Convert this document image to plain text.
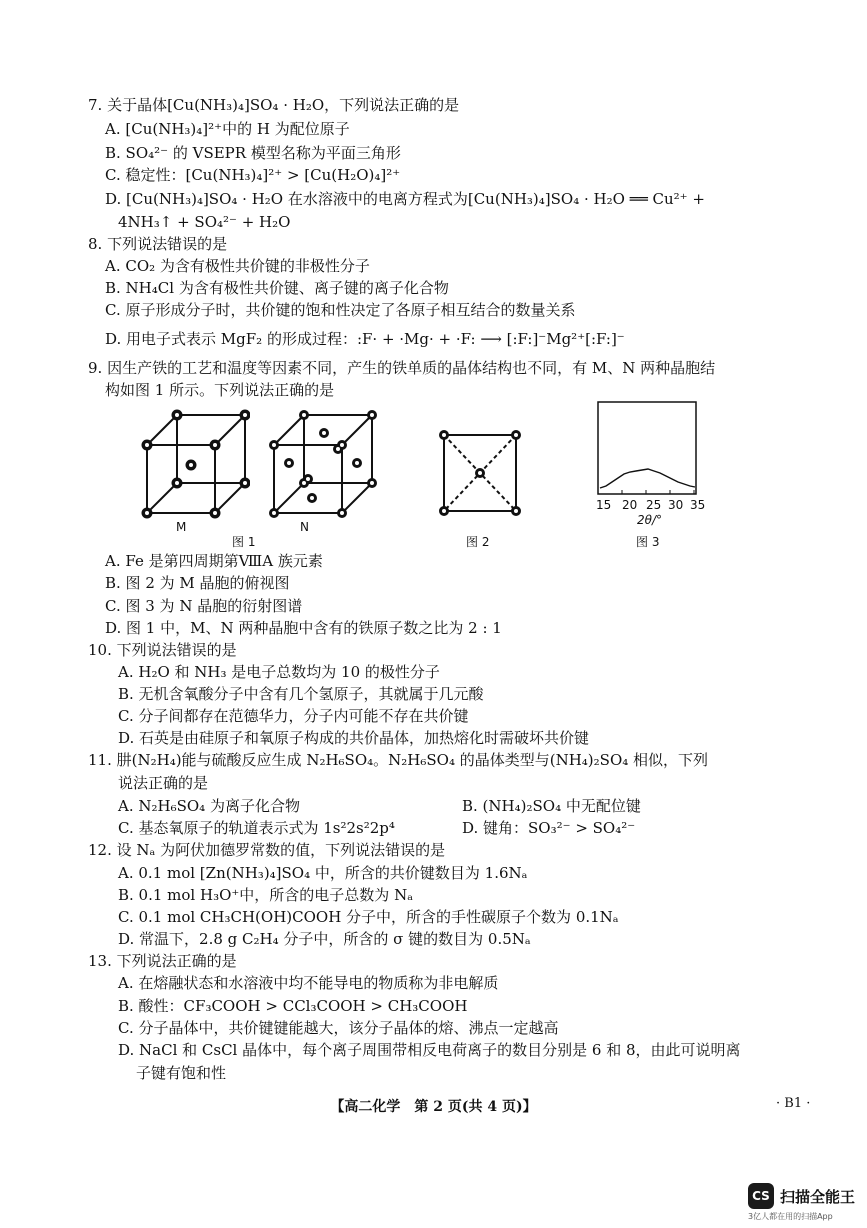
7. 关于晶体[Cu(NH₃)₄]SO₄ · H₂O，下列说法正确的是
A. [Cu(NH₃)₄]²⁺中的 H 为配位原子
B. SO₄²⁻ 的 VSEPR 模型名称为平面三角形
C. 稳定性：[Cu(NH₃)₄]²⁺ > [Cu(H₂O)₄]²⁺
D. [Cu(NH₃)₄]SO₄ · H₂O 在水溶液中的电离方程式为[Cu(NH₃)₄]SO₄ · H₂O ══ Cu²⁺ +
4NH₃↑ + SO₄²⁻ + H₂O
8. 下列说法错误的是
A. CO₂ 为含有极性共价键的非极性分子
B. NH₄Cl 为含有极性共价键、离子键的离子化合物
C. 原子形成分子时，共价键的饱和性决定了各原子相互结合的数量关系
D. 用电子式表示 MgF₂ 的形成过程：:F· + ·Mg· + ·F: ⟶ [:F:]⁻Mg²⁺[:F:]⁻
9. 因生产铁的工艺和温度等因素不同，产生的铁单质的晶体结构也不同，有 M、N 两种晶胞结
构如图 1 所示。下列说法正确的是
M	N
图 1	图 2
15 20 25 30 35
2θ/°
图 3
A. Fe 是第四周期第ⅧA 族元素
B. 图 2 为 M 晶胞的俯视图
C. 图 3 为 N 晶胞的衍射图谱
D. 图 1 中，M、N 两种晶胞中含有的铁原子数之比为 2 : 1
10. 下列说法错误的是
A. H₂O 和 NH₃ 是电子总数均为 10 的极性分子
B. 无机含氧酸分子中含有几个氢原子，其就属于几元酸
C. 分子间都存在范德华力，分子内可能不存在共价键
D. 石英是由硅原子和氧原子构成的共价晶体，加热熔化时需破坏共价键
11. 肼(N₂H₄)能与硫酸反应生成 N₂H₆SO₄。N₂H₆SO₄ 的晶体类型与(NH₄)₂SO₄ 相似，下列
说法正确的是
A. N₂H₆SO₄ 为离子化合物	B. (NH₄)₂SO₄ 中无配位键
C. 基态氧原子的轨道表示式为 1s²2s²2p⁴	D. 键角：SO₃²⁻ > SO₄²⁻
12. 设 Nₐ 为阿伏加德罗常数的值，下列说法错误的是
A. 0.1 mol [Zn(NH₃)₄]SO₄ 中，所含的共价键数目为 1.6Nₐ
B. 0.1 mol H₃O⁺中，所含的电子总数为 Nₐ
C. 0.1 mol CH₃CH(OH)COOH 分子中，所含的手性碳原子个数为 0.1Nₐ
D. 常温下，2.8 g C₂H₄ 分子中，所含的 σ 键的数目为 0.5Nₐ
13. 下列说法正确的是
A. 在熔融状态和水溶液中均不能导电的物质称为非电解质
B. 酸性：CF₃COOH > CCl₃COOH > CH₃COOH
C. 分子晶体中，共价键键能越大，该分子晶体的熔、沸点一定越高
D. NaCl 和 CsCl 晶体中，每个离子周围带相反电荷离子的数目分别是 6 和 8，由此可说明离
子键有饱和性
【高二化学　第 2 页(共 4 页)】	· B1 ·
CS 扫描全能王
3亿人都在用的扫描App
